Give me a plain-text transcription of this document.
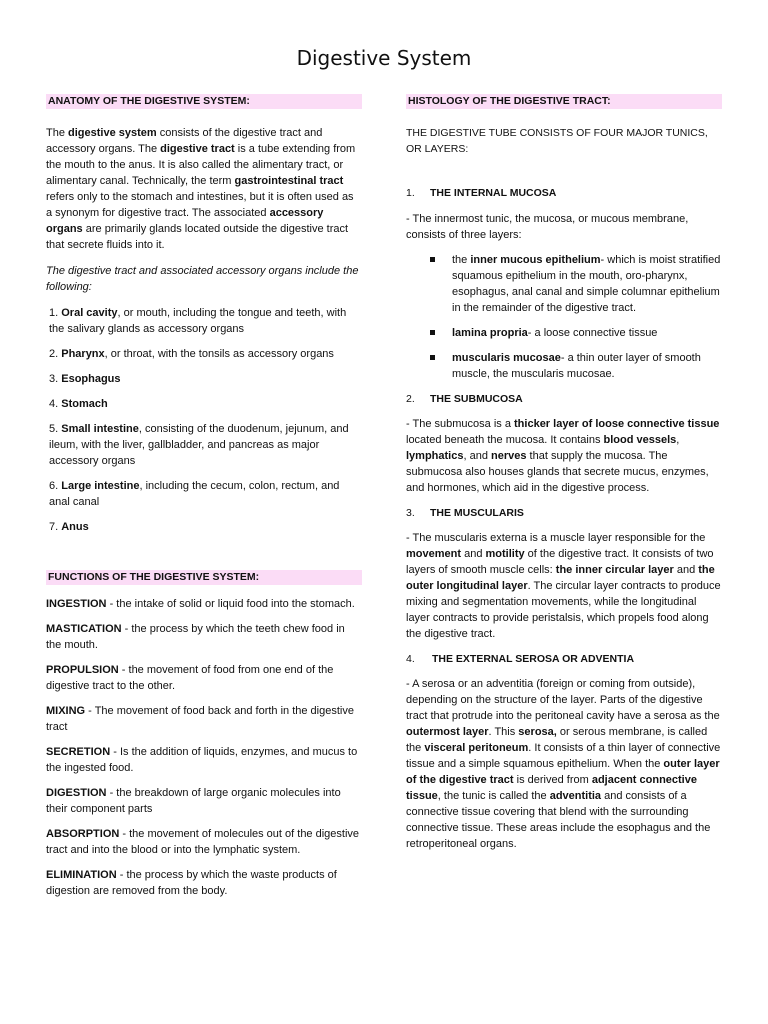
Digestive System
ANATOMY OF THE DIGESTIVE SYSTEM:

The digestive system consists of the digestive tract and accessory organs. The digestive tract is a tube extending from the mouth to the anus. It is also called the alimentary tract, or alimentary canal. Technically, the term gastrointestinal tract refers only to the stomach and intestines, but it is often used as a synonym for digestive tract. The associated accessory organs are primarily glands located outside the digestive tract that secrete fluids into it.

The digestive tract and associated accessory organs include the following:

1. Oral cavity, or mouth, including the tongue and teeth, with the salivary glands as accessory organs

2. Pharynx, or throat, with the tonsils as accessory organs

3. Esophagus

4. Stomach

5. Small intestine, consisting of the duodenum, jejunum, and ileum, with the liver, gallbladder, and pancreas as major accessory organs

6. Large intestine, including the cecum, colon, rectum, and anal canal

7. Anus

FUNCTIONS OF THE DIGESTIVE SYSTEM:

INGESTION - the intake of solid or liquid food into the stomach.

MASTICATION - the process by which the teeth chew food in the mouth.

PROPULSION - the movement of food from one end of the digestive tract to the other.

MIXING - The movement of food back and forth in the digestive tract

SECRETION - Is the addition of liquids, enzymes, and mucus to the ingested food.

DIGESTION - the breakdown of large organic molecules into their component parts

ABSORPTION - the movement of molecules out of the digestive tract and into the blood or into the lymphatic system.

ELIMINATION - the process by which the waste products of digestion are removed from the body.

HISTOLOGY OF THE DIGESTIVE TRACT:

THE DIGESTIVE TUBE CONSISTS OF FOUR MAJOR TUNICS, OR LAYERS:

1. THE INTERNAL MUCOSA

- The innermost tunic, the mucosa, or mucous membrane, consists of three layers:

the inner mucous epithelium- which is moist stratified squamous epithelium in the mouth, oro-pharynx, esophagus, anal canal and simple columnar epithelium in the remainder of the digestive tract.
lamina propria- a loose connective tissue
muscularis mucosae- a thin outer layer of smooth muscle, the muscularis mucosae.

2. THE SUBMUCOSA

- The submucosa is a thicker layer of loose connective tissue located beneath the mucosa. It contains blood vessels, lymphatics, and nerves that supply the mucosa. The submucosa also houses glands that secrete mucus, enzymes, and hormones, which aid in the digestive process.

3. THE MUSCULARIS

- The muscularis externa is a muscle layer responsible for the movement and motility of the digestive tract. It consists of two layers of smooth muscle cells: the inner circular layer and the outer longitudinal layer. The circular layer contracts to produce mixing and segmentation movements, while the longitudinal layer contracts to provide peristalsis, which propels food along the digestive tract.

4. THE EXTERNAL SEROSA OR ADVENTIA

- A serosa or an adventitia (foreign or coming from outside), depending on the structure of the layer. Parts of the digestive tract that protrude into the peritoneal cavity have a serosa as the outermost layer. This serosa, or serous membrane, is called the visceral peritoneum. It consists of a thin layer of connective tissue and a simple squamous epithelium. When the outer layer of the digestive tract is derived from adjacent connective tissue, the tunic is called the adventitia and consists of a connective tissue covering that blend with the surrounding connective tissue. These areas include the esophagus and the retroperitoneal organs.
